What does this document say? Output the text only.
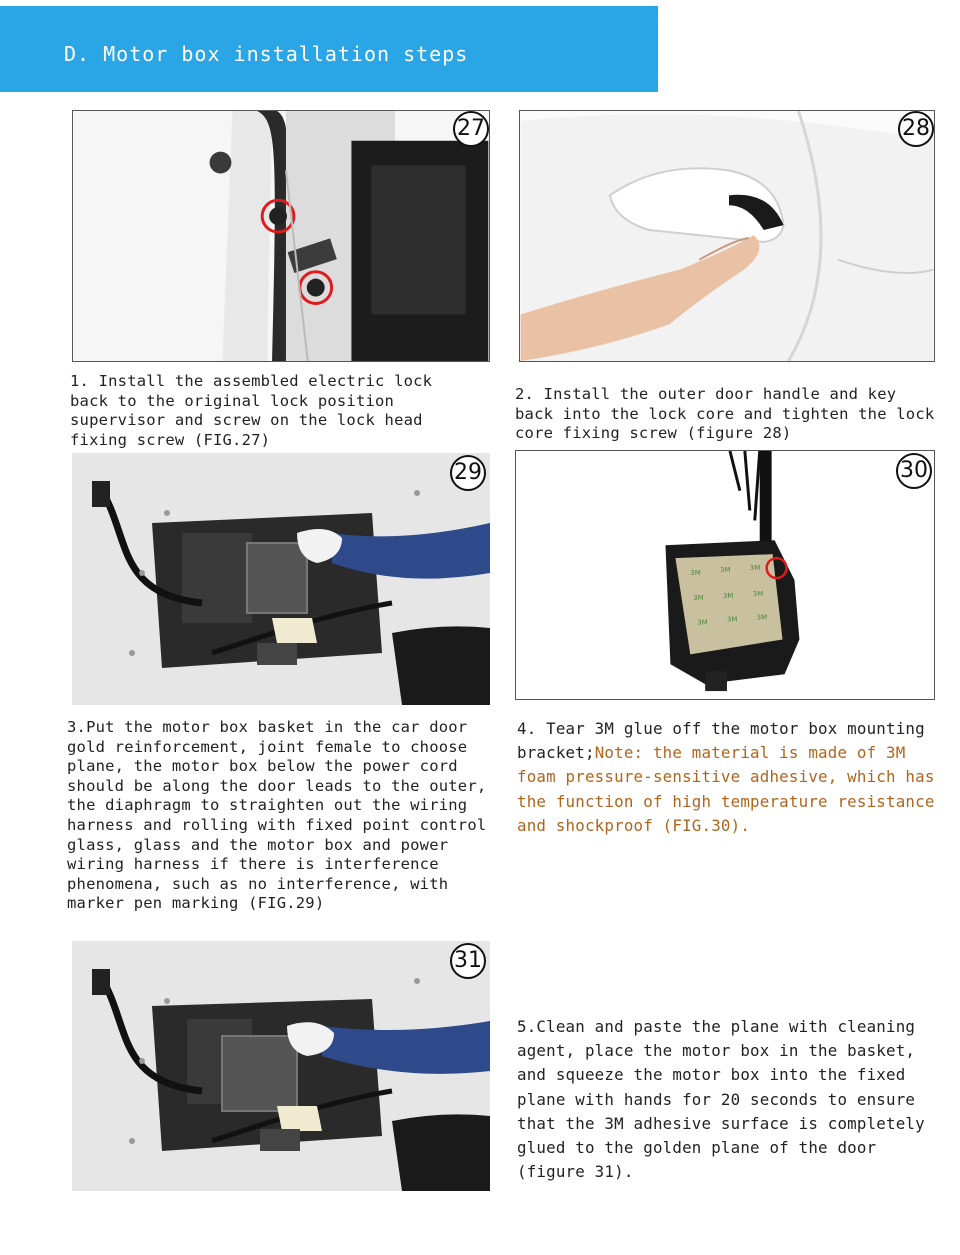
D. Motor box installation steps
27	28
1. Install the assembled electric lock
back to the original lock position
supervisor and screw on the lock head
fixing screw (FIG.27)
2. Install the outer door handle and key
back into the lock core and tighten the lock
core fixing screw (figure 28)
29
3M	3M	3M
3M	3M	3M
3M	3M	3M
30
3.Put the motor box basket in the car door
gold reinforcement, joint female to choose
plane, the motor box below the power cord
should be along the door leads to the outer,
the diaphragm to straighten out the wiring
harness and rolling with fixed point control
glass, glass and the motor box and power
wiring harness if there is interference
phenomena, such as no interference, with
marker pen marking (FIG.29)
4. Tear 3M glue off the motor box mounting
bracket;Note: the material is made of 3M
foam pressure-sensitive adhesive, which has
the function of high temperature resistance
and shockproof (FIG.30).
31
5.Clean and paste the plane with cleaning
agent, place the motor box in the basket,
and squeeze the motor box into the fixed
plane with hands for 20 seconds to ensure
that the 3M adhesive surface is completely
glued to the golden plane of the door
(figure 31).
